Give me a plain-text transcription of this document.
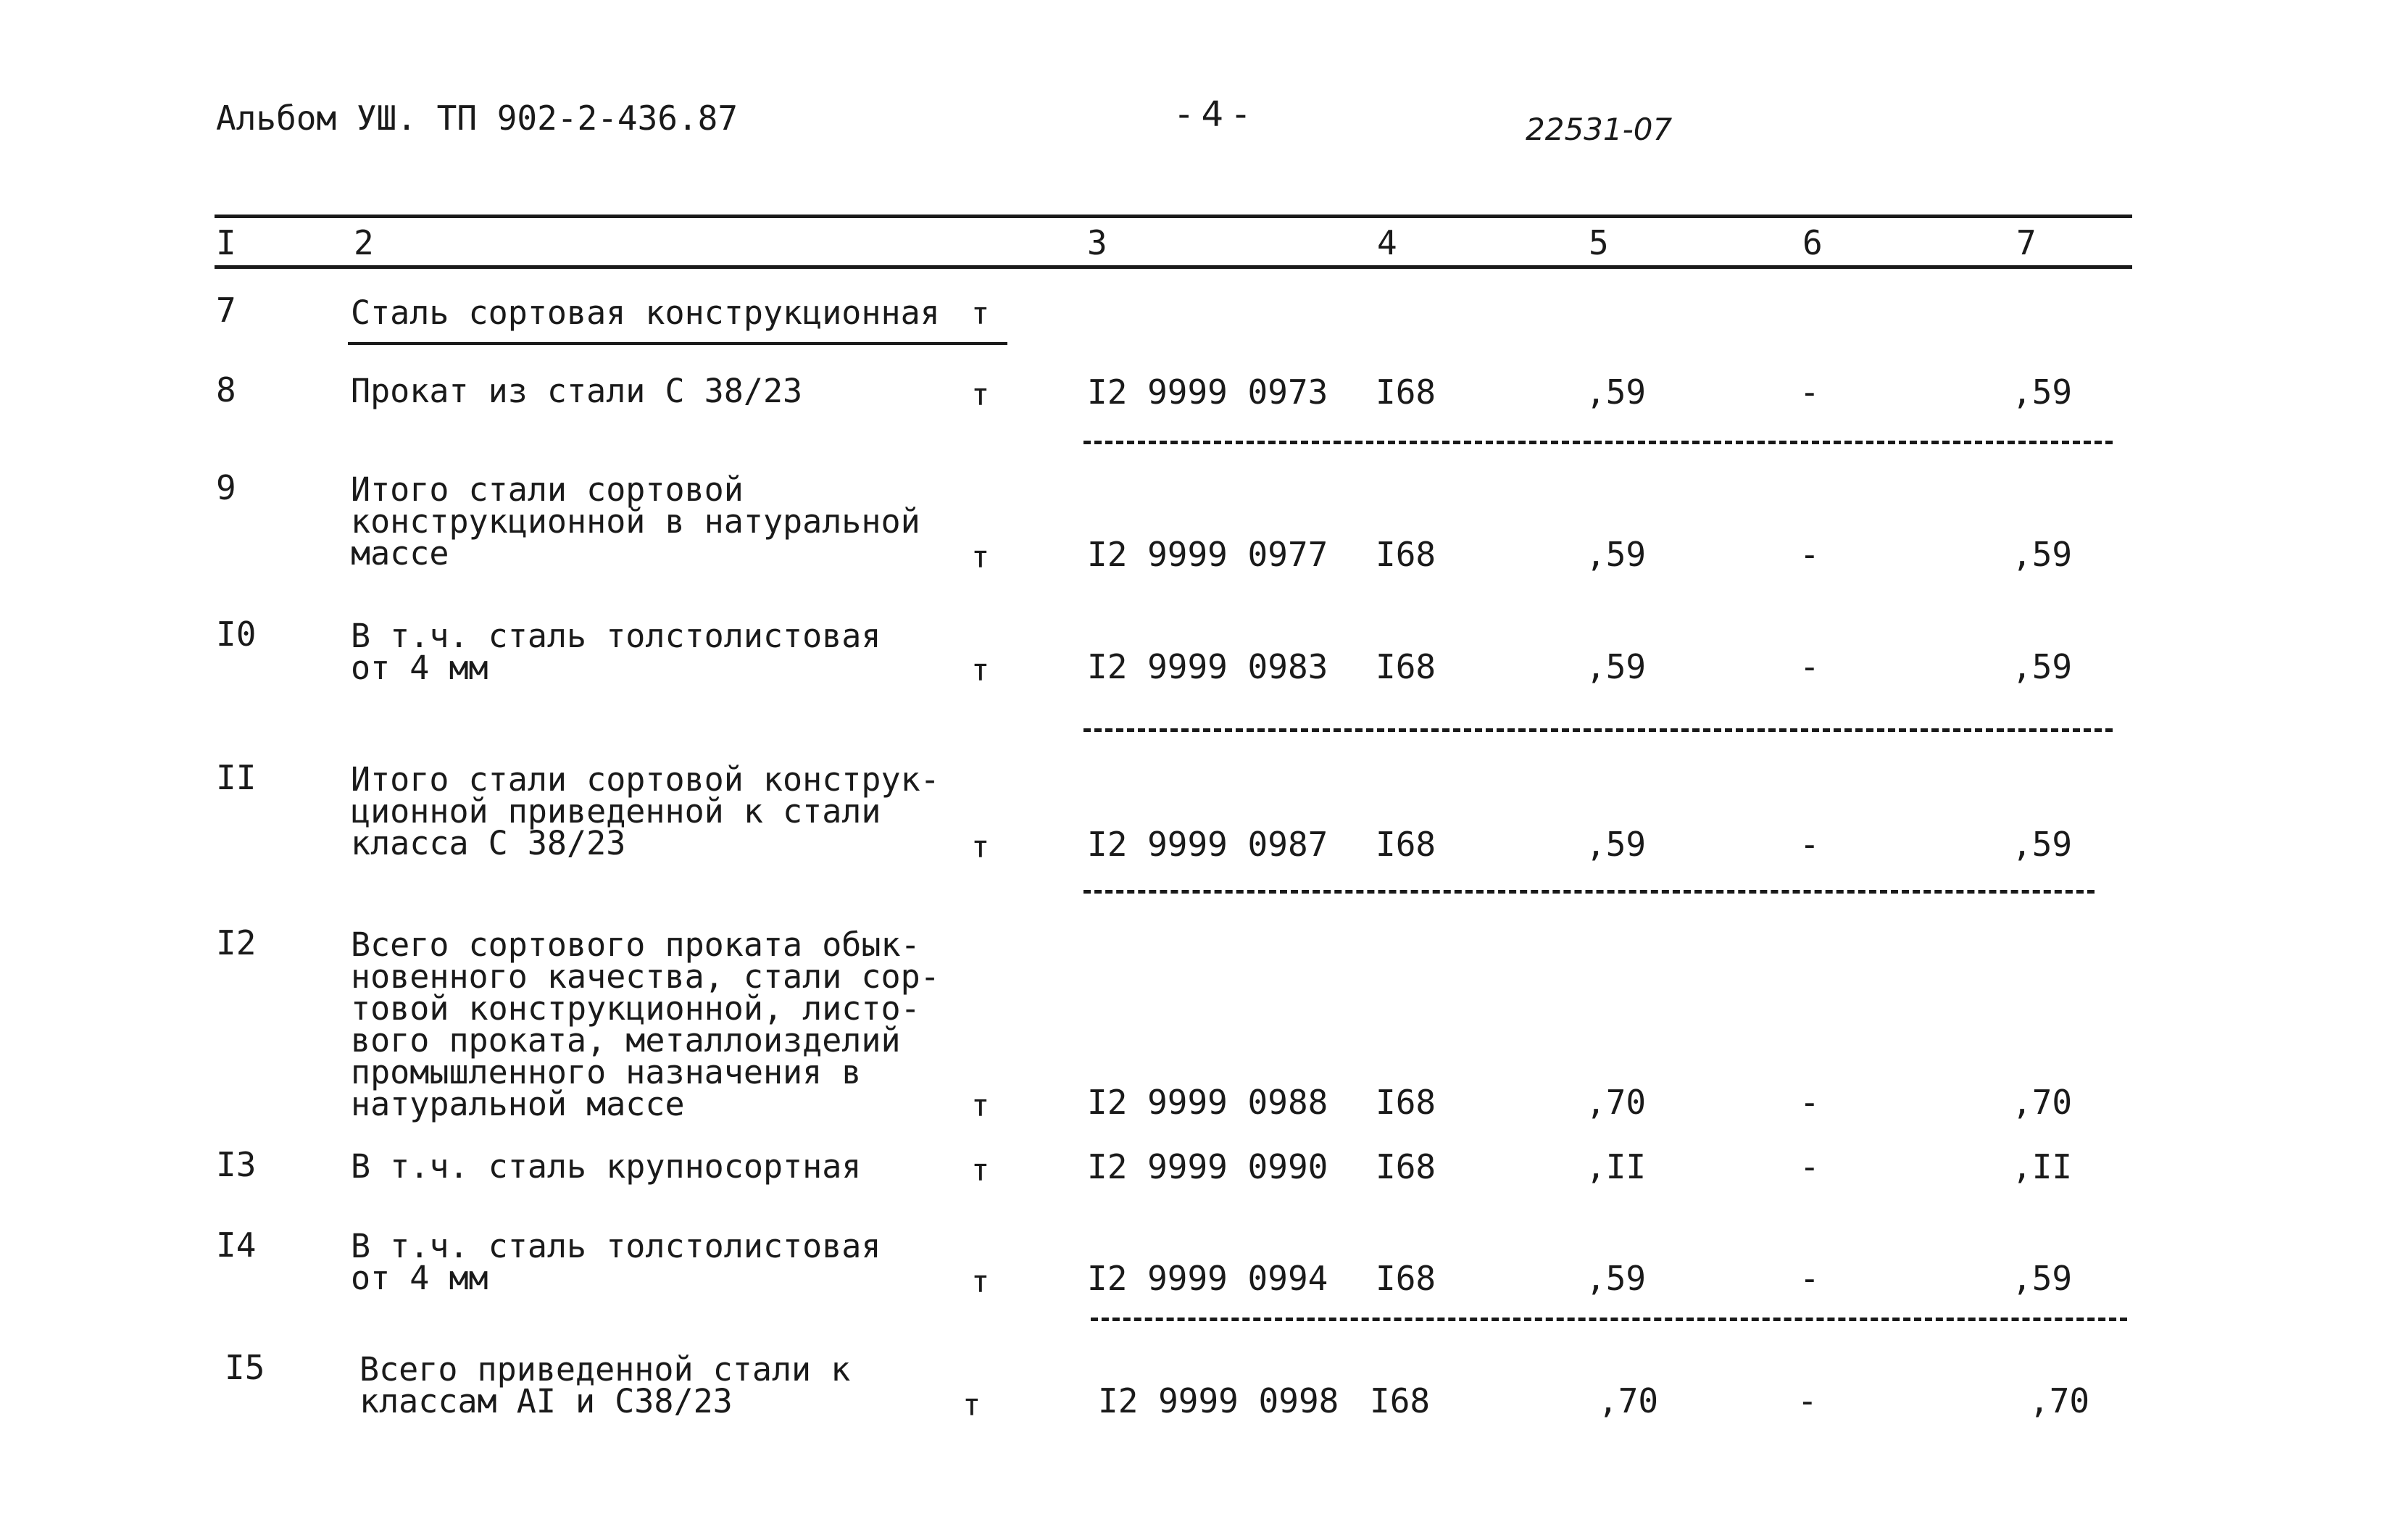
Альбом УШ. ТП 902-2-436.87	- 4 -	22531-07
I	2	3	4	5	6	7
7	Сталь сортовая конструкционная т
8	Прокат из стали С 38/23	т	I2 9999 0973 I68	,59	-	,59
9	Итого стали сортовой
конструкционной в натуральной
массе	т	I2 9999 0977 I68	,59	-	,59
I0	В т.ч. сталь толстолистовая
от 4 мм	т	I2 9999 0983 I68	,59	-	,59
II	Итого стали сортовой конструк-
ционной приведенной к стали
класса С 38/23	т	I2 9999 0987 I68	,59	-	,59
I2	Всего сортового проката обык-
новенного качества, стали сор-
товой конструкционной, листо-
вого проката, металлоизделий
промышленного назначения в
натуральной массе	т	I2 9999 0988 I68	,70	-	,70
I3	В т.ч. сталь крупносортная	т	I2 9999 0990 I68	,II	-	,II
I4	В т.ч. сталь толстолистовая
от 4 мм	т	I2 9999 0994 I68	,59	-	,59
I5	Всего приведенной стали к
классам АI и С38/23	т	I2 9999 0998 I68	,70	-	,70
